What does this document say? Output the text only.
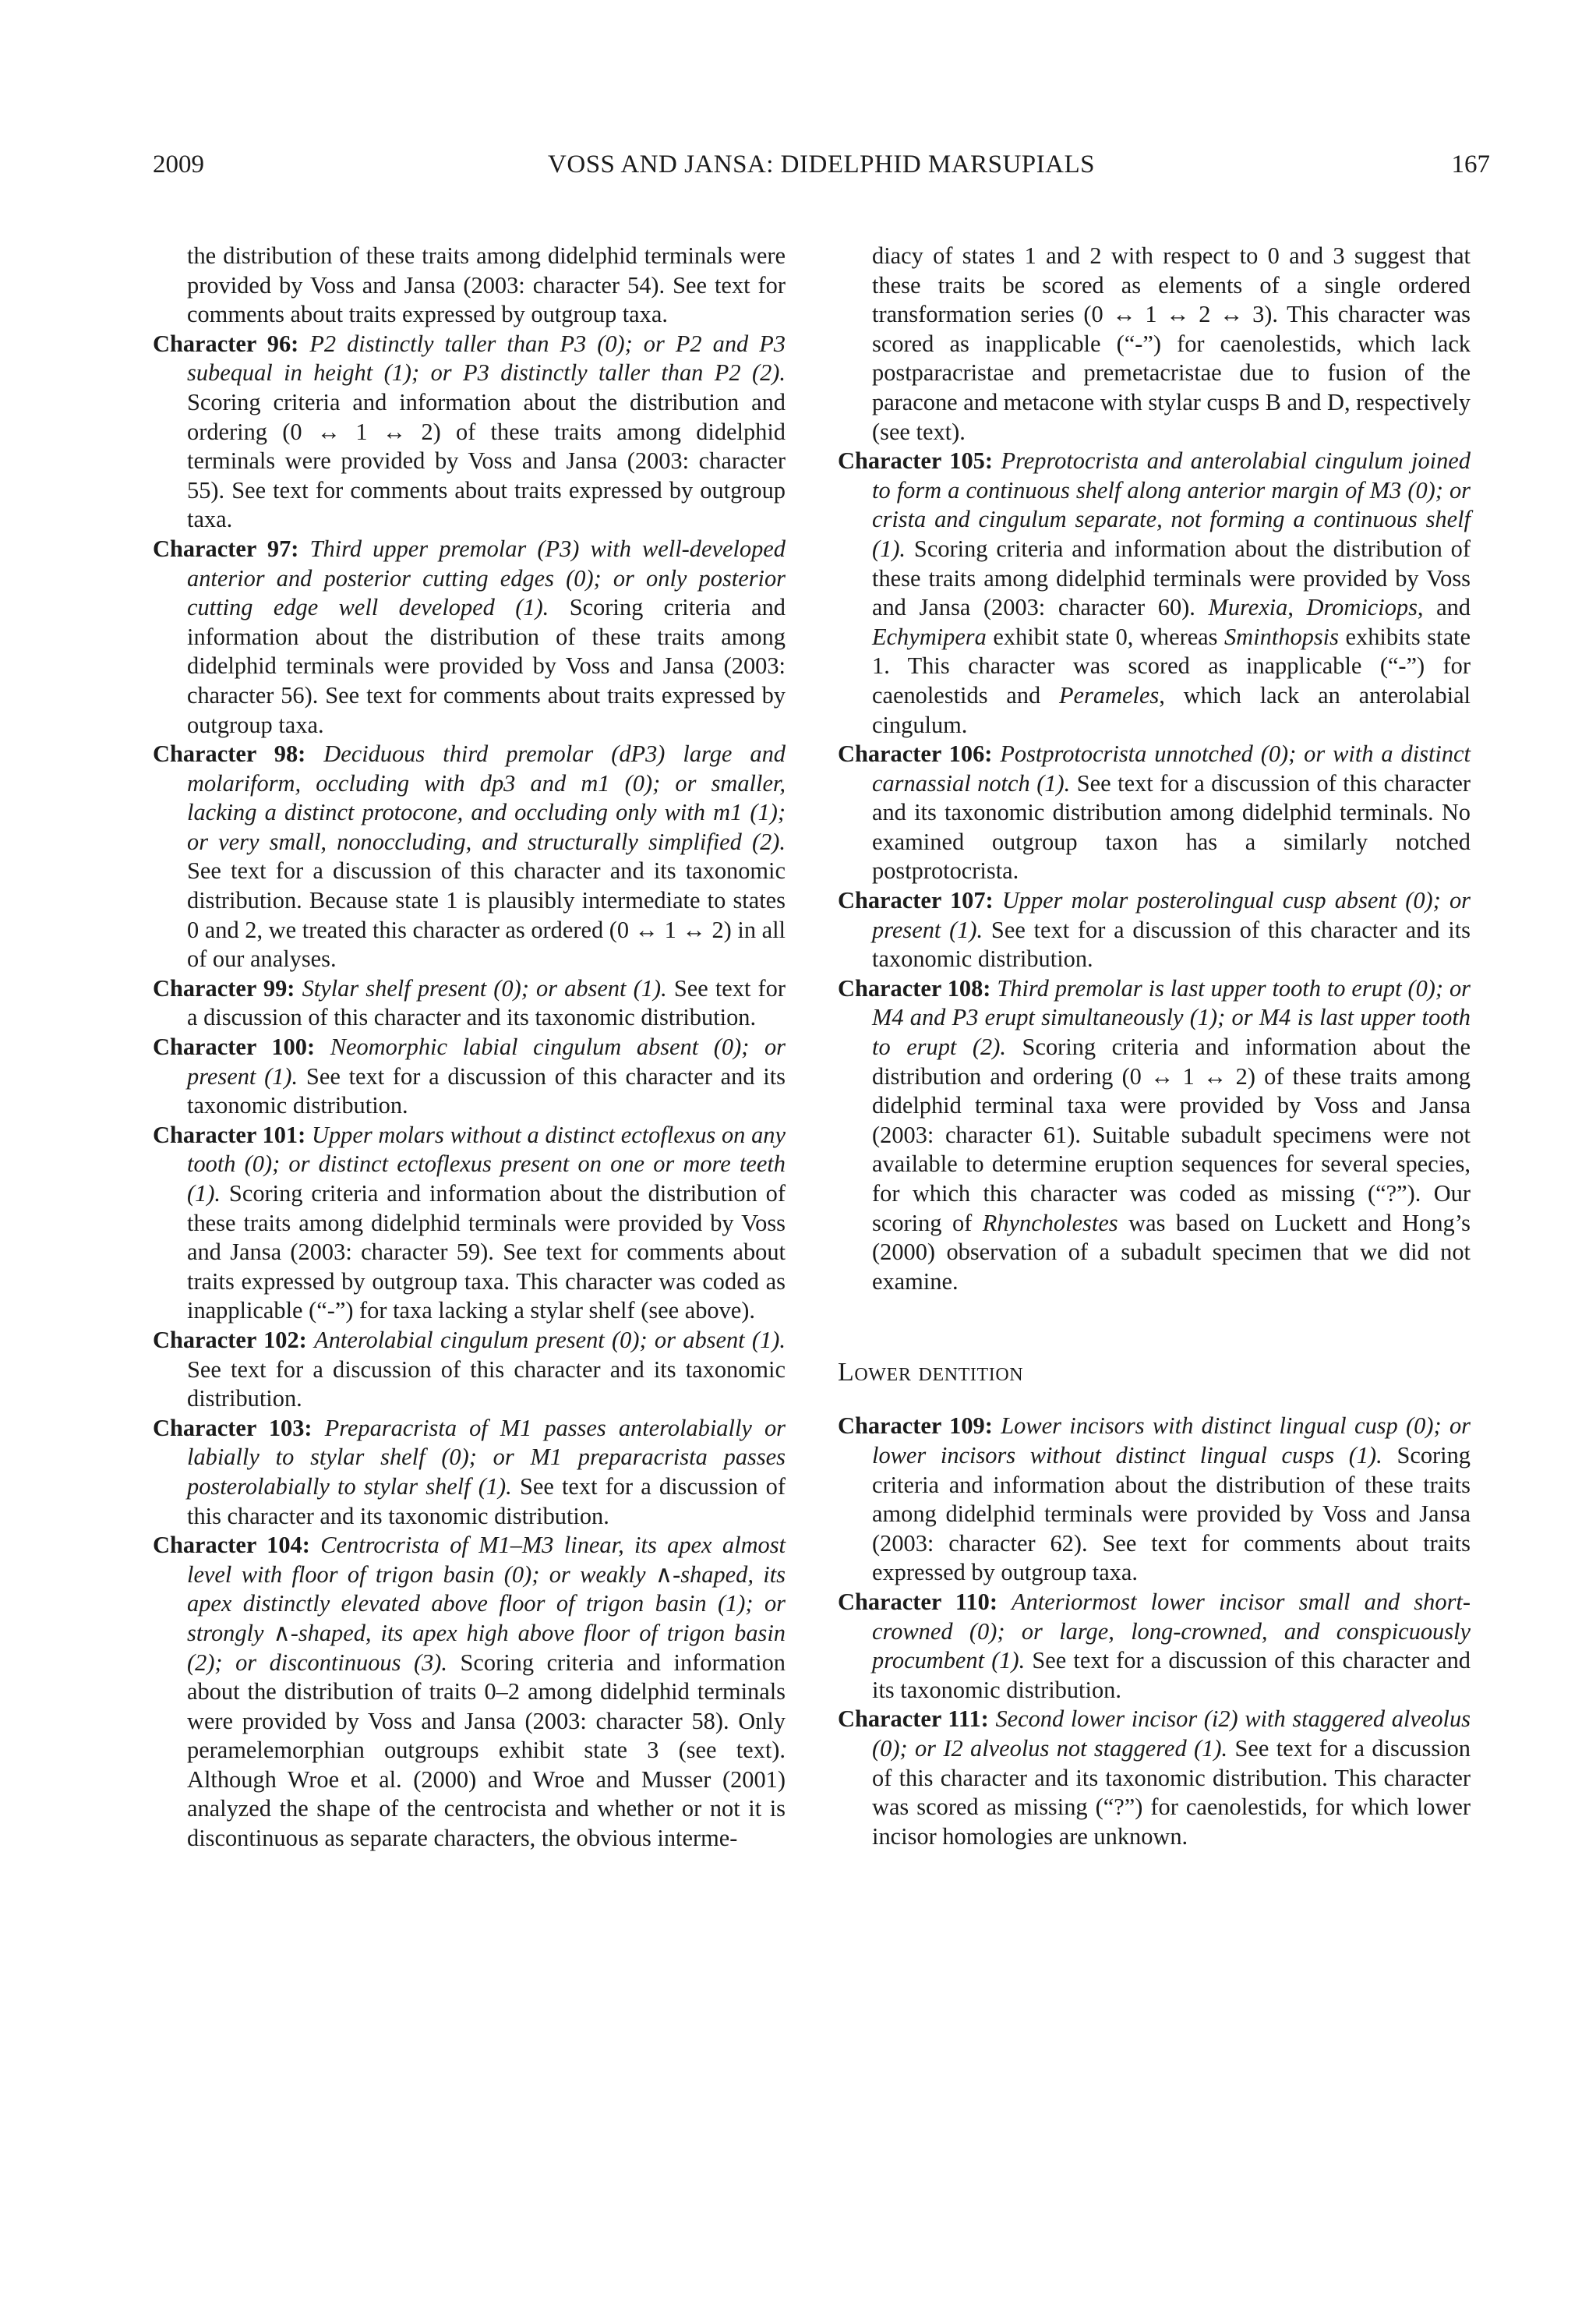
2009	VOSS AND JANSA: DIDELPHID MARSUPIALS	167

the distribution of these traits among didelphid terminals were provided by Voss and Jansa (2003: character 54). See text for comments about traits expressed by outgroup taxa.

Character 96: P2 distinctly taller than P3 (0); or P2 and P3 subequal in height (1); or P3 distinctly taller than P2 (2). Scoring criteria and information about the distribution and ordering (0 ↔ 1 ↔ 2) of these traits among didelphid terminals were provided by Voss and Jansa (2003: character 55). See text for comments about traits expressed by outgroup taxa.

Character 97: Third upper premolar (P3) with well-developed anterior and posterior cutting edges (0); or only posterior cutting edge well developed (1). Scoring criteria and information about the distribution of these traits among didelphid terminals were provided by Voss and Jansa (2003: character 56). See text for comments about traits expressed by outgroup taxa.

Character 98: Deciduous third premolar (dP3) large and molariform, occluding with dp3 and m1 (0); or smaller, lacking a distinct protocone, and occluding only with m1 (1); or very small, nonoccluding, and structurally simplified (2). See text for a discussion of this character and its taxonomic distribution. Because state 1 is plausibly intermediate to states 0 and 2, we treated this character as ordered (0 ↔ 1 ↔ 2) in all of our analyses.

Character 99: Stylar shelf present (0); or absent (1). See text for a discussion of this character and its taxonomic distribution.

Character 100: Neomorphic labial cingulum absent (0); or present (1). See text for a discussion of this character and its taxonomic distribution.

Character 101: Upper molars without a distinct ectoflexus on any tooth (0); or distinct ectoflexus present on one or more teeth (1). Scoring criteria and information about the distribution of these traits among didelphid terminals were provided by Voss and Jansa (2003: character 59). See text for comments about traits expressed by outgroup taxa. This character was coded as inapplicable (“-”) for taxa lacking a stylar shelf (see above).

Character 102: Anterolabial cingulum present (0); or absent (1). See text for a discussion of this character and its taxonomic distribution.

Character 103: Preparacrista of M1 passes anterolabially or labially to stylar shelf (0); or M1 preparacrista passes posterolabially to stylar shelf (1). See text for a discussion of this character and its taxonomic distribution.

Character 104: Centrocrista of M1–M3 linear, its apex almost level with floor of trigon basin (0); or weakly ∧-shaped, its apex distinctly elevated above floor of trigon basin (1); or strongly ∧-shaped, its apex high above floor of trigon basin (2); or discontinuous (3). Scoring criteria and information about the distribution of traits 0–2 among didelphid terminals were provided by Voss and Jansa (2003: character 58). Only peramelemorphian outgroups exhibit state 3 (see text). Although Wroe et al. (2000) and Wroe and Musser (2001) analyzed the shape of the centrocista and whether or not it is discontinuous as separate characters, the obvious interme-

diacy of states 1 and 2 with respect to 0 and 3 suggest that these traits be scored as elements of a single ordered transformation series (0 ↔ 1 ↔ 2 ↔ 3). This character was scored as inapplicable (“-”) for caenolestids, which lack postparacristae and premetacristae due to fusion of the paracone and metacone with stylar cusps B and D, respectively (see text).

Character 105: Preprotocrista and anterolabial cingulum joined to form a continuous shelf along anterior margin of M3 (0); or crista and cingulum separate, not forming a continuous shelf (1). Scoring criteria and information about the distribution of these traits among didelphid terminals were provided by Voss and Jansa (2003: character 60). Murexia, Dromiciops, and Echymipera exhibit state 0, whereas Sminthopsis exhibits state 1. This character was scored as inapplicable (“-”) for caenolestids and Perameles, which lack an anterolabial cingulum.

Character 106: Postprotocrista unnotched (0); or with a distinct carnassial notch (1). See text for a discussion of this character and its taxonomic distribution among didelphid terminals. No examined outgroup taxon has a similarly notched postprotocrista.

Character 107: Upper molar posterolingual cusp absent (0); or present (1). See text for a discussion of this character and its taxonomic distribution.

Character 108: Third premolar is last upper tooth to erupt (0); or M4 and P3 erupt simultaneously (1); or M4 is last upper tooth to erupt (2). Scoring criteria and information about the distribution and ordering (0 ↔ 1 ↔ 2) of these traits among didelphid terminal taxa were provided by Voss and Jansa (2003: character 61). Suitable subadult specimens were not available to determine eruption sequences for several species, for which this character was coded as missing (“?”). Our scoring of Rhyncholestes was based on Luckett and Hong’s (2000) observation of a subadult specimen that we did not examine.

Lower dentition

Character 109: Lower incisors with distinct lingual cusp (0); or lower incisors without distinct lingual cusps (1). Scoring criteria and information about the distribution of these traits among didelphid terminals were provided by Voss and Jansa (2003: character 62). See text for comments about traits expressed by outgroup taxa.

Character 110: Anteriormost lower incisor small and short-crowned (0); or large, long-crowned, and conspicuously procumbent (1). See text for a discussion of this character and its taxonomic distribution.

Character 111: Second lower incisor (i2) with staggered alveolus (0); or I2 alveolus not staggered (1). See text for a discussion of this character and its taxonomic distribution. This character was scored as missing (“?”) for caenolestids, for which lower incisor homologies are unknown.
